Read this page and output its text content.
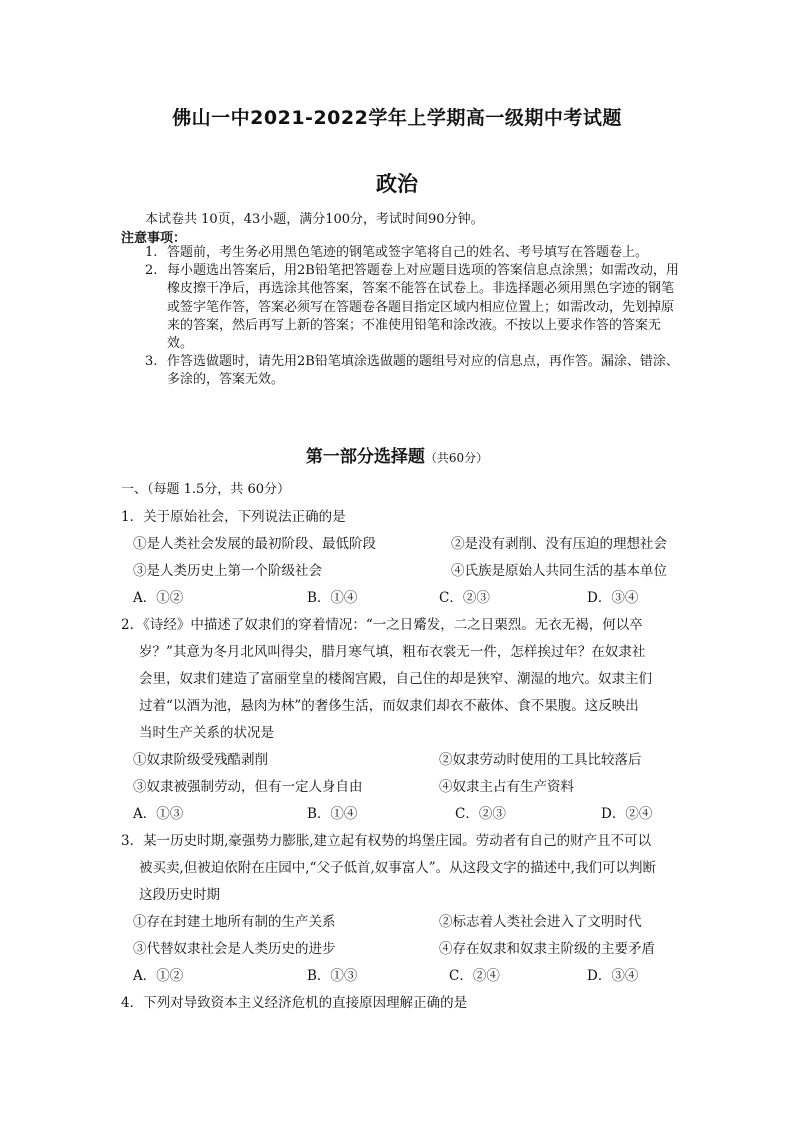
佛山一中2021-2022学年上学期高一级期中考试题
政治
本试卷共 10页，43小题，满分100分，考试时间90分钟。
注意事项：
1. 答题前，考生务必用黑色笔迹的钢笔或签字笔将自己的姓名、考号填写在答题卷上。
2. 每小题选出答案后，用2B铅笔把答题卷上对应题目选项的答案信息点涂黑；如需改动，用橡皮擦干净后，再选涂其他答案，答案不能答在试卷上。非选择题必须用黑色字迹的钢笔或签字笔作答，答案必须写在答题卷各题目指定区域内相应位置上；如需改动，先划掉原来的答案，然后再写上新的答案；不准使用铅笔和涂改液。不按以上要求作答的答案无效。
3. 作答选做题时，请先用2B铅笔填涂选做题的题组号对应的信息点，再作答。漏涂、错涂、多涂的，答案无效。
第一部分选择题（共60分）
一、（每题 1.5分，共 60分）
1．关于原始社会，下列说法正确的是
①是人类社会发展的最初阶段、最低阶段	②是没有剥削、没有压迫的理想社会
③是人类历史上第一个阶级社会	④氏族是原始人共同生活的基本单位
A．①②	B．①④	C．②③	D．③④
2．《诗经》中描述了奴隶们的穿着情况：“一之日觱发，二之日栗烈。无衣无褐，何以卒
岁？”其意为冬月北风叫得尖，腊月寒气填，粗布衣裳无一件，怎样挨过年？在奴隶社
会里，奴隶们建造了富丽堂皇的楼阁宫殿，自己住的却是狭窄、潮湿的地穴。奴隶主们
过着“以酒为池，悬肉为林”的奢侈生活，而奴隶们却衣不蔽体、食不果腹。这反映出
当时生产关系的状况是
①奴隶阶级受残酷剥削	②奴隶劳动时使用的工具比较落后
③奴隶被强制劳动，但有一定人身自由	④奴隶主占有生产资料
A．①③	B．①④	C．②③	D．②④
3．某一历史时期,豪强势力膨胀,建立起有权势的坞堡庄园。劳动者有自己的财产且不可以
被买卖,但被迫依附在庄园中,“父子低首,奴事富人”。从这段文字的描述中,我们可以判断
这段历史时期
①存在封建土地所有制的生产关系	②标志着人类社会进入了文明时代
③代替奴隶社会是人类历史的进步	④存在奴隶和奴隶主阶级的主要矛盾
A．①②	B．①③	C．②④	D．③④
4．下列对导致资本主义经济危机的直接原因理解正确的是
